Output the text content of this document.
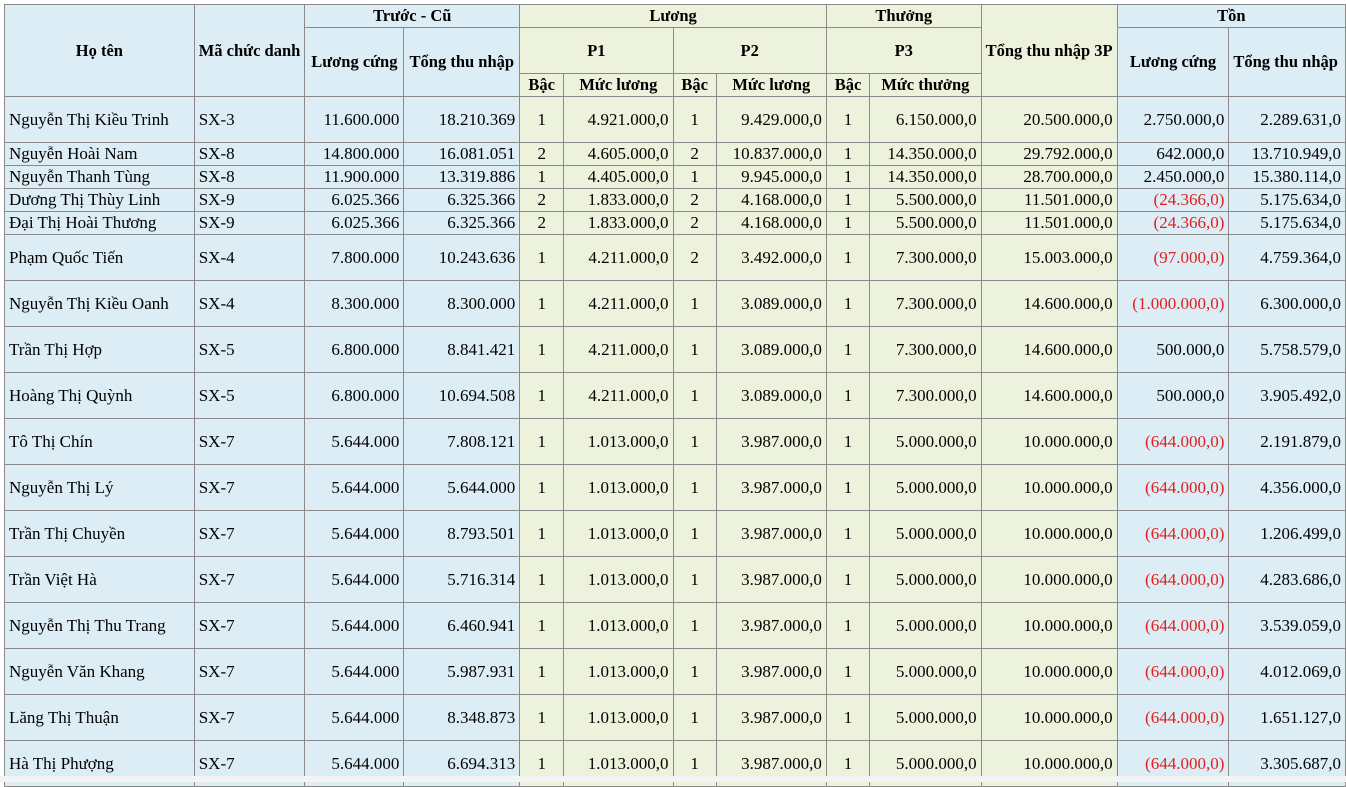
Họ tên	Mã chức danh	Trước - Cũ		Lương				Thưởng		Tổng thu nhập 3P	Tồn	
		Lương cứng	Tổng thu nhập	P1		P2		P3			Lương cứng	Tổng thu nhập
				Bậc	Mức lương	Bậc	Mức lương	Bậc	Mức thưởng			
Nguyễn Thị Kiều Trinh	SX-3	11.600.000	18.210.369	1	4.921.000,0	1	9.429.000,0	1	6.150.000,0	20.500.000,0	2.750.000,0	2.289.631,0
Nguyễn Hoài Nam	SX-8	14.800.000	16.081.051	2	4.605.000,0	2	10.837.000,0	1	14.350.000,0	29.792.000,0	642.000,0	13.710.949,0
Nguyễn Thanh Tùng	SX-8	11.900.000	13.319.886	1	4.405.000,0	1	9.945.000,0	1	14.350.000,0	28.700.000,0	2.450.000,0	15.380.114,0
Dương Thị Thùy Linh	SX-9	6.025.366	6.325.366	2	1.833.000,0	2	4.168.000,0	1	5.500.000,0	11.501.000,0	(24.366,0)	5.175.634,0
Đại Thị Hoài Thương	SX-9	6.025.366	6.325.366	2	1.833.000,0	2	4.168.000,0	1	5.500.000,0	11.501.000,0	(24.366,0)	5.175.634,0
Phạm Quốc Tiến	SX-4	7.800.000	10.243.636	1	4.211.000,0	2	3.492.000,0	1	7.300.000,0	15.003.000,0	(97.000,0)	4.759.364,0
Nguyễn Thị Kiều Oanh	SX-4	8.300.000	8.300.000	1	4.211.000,0	1	3.089.000,0	1	7.300.000,0	14.600.000,0	(1.000.000,0)	6.300.000,0
Trần Thị Hợp	SX-5	6.800.000	8.841.421	1	4.211.000,0	1	3.089.000,0	1	7.300.000,0	14.600.000,0	500.000,0	5.758.579,0
Hoàng Thị Quỳnh	SX-5	6.800.000	10.694.508	1	4.211.000,0	1	3.089.000,0	1	7.300.000,0	14.600.000,0	500.000,0	3.905.492,0
Tô Thị Chín	SX-7	5.644.000	7.808.121	1	1.013.000,0	1	3.987.000,0	1	5.000.000,0	10.000.000,0	(644.000,0)	2.191.879,0
Nguyễn Thị Lý	SX-7	5.644.000	5.644.000	1	1.013.000,0	1	3.987.000,0	1	5.000.000,0	10.000.000,0	(644.000,0)	4.356.000,0
Trần Thị Chuyền	SX-7	5.644.000	8.793.501	1	1.013.000,0	1	3.987.000,0	1	5.000.000,0	10.000.000,0	(644.000,0)	1.206.499,0
Trần Việt Hà	SX-7	5.644.000	5.716.314	1	1.013.000,0	1	3.987.000,0	1	5.000.000,0	10.000.000,0	(644.000,0)	4.283.686,0
Nguyễn Thị Thu Trang	SX-7	5.644.000	6.460.941	1	1.013.000,0	1	3.987.000,0	1	5.000.000,0	10.000.000,0	(644.000,0)	3.539.059,0
Nguyễn Văn Khang	SX-7	5.644.000	5.987.931	1	1.013.000,0	1	3.987.000,0	1	5.000.000,0	10.000.000,0	(644.000,0)	4.012.069,0
Lăng Thị Thuận	SX-7	5.644.000	8.348.873	1	1.013.000,0	1	3.987.000,0	1	5.000.000,0	10.000.000,0	(644.000,0)	1.651.127,0
Hà Thị Phượng	SX-7	5.644.000	6.694.313	1	1.013.000,0	1	3.987.000,0	1	5.000.000,0	10.000.000,0	(644.000,0)	3.305.687,0
